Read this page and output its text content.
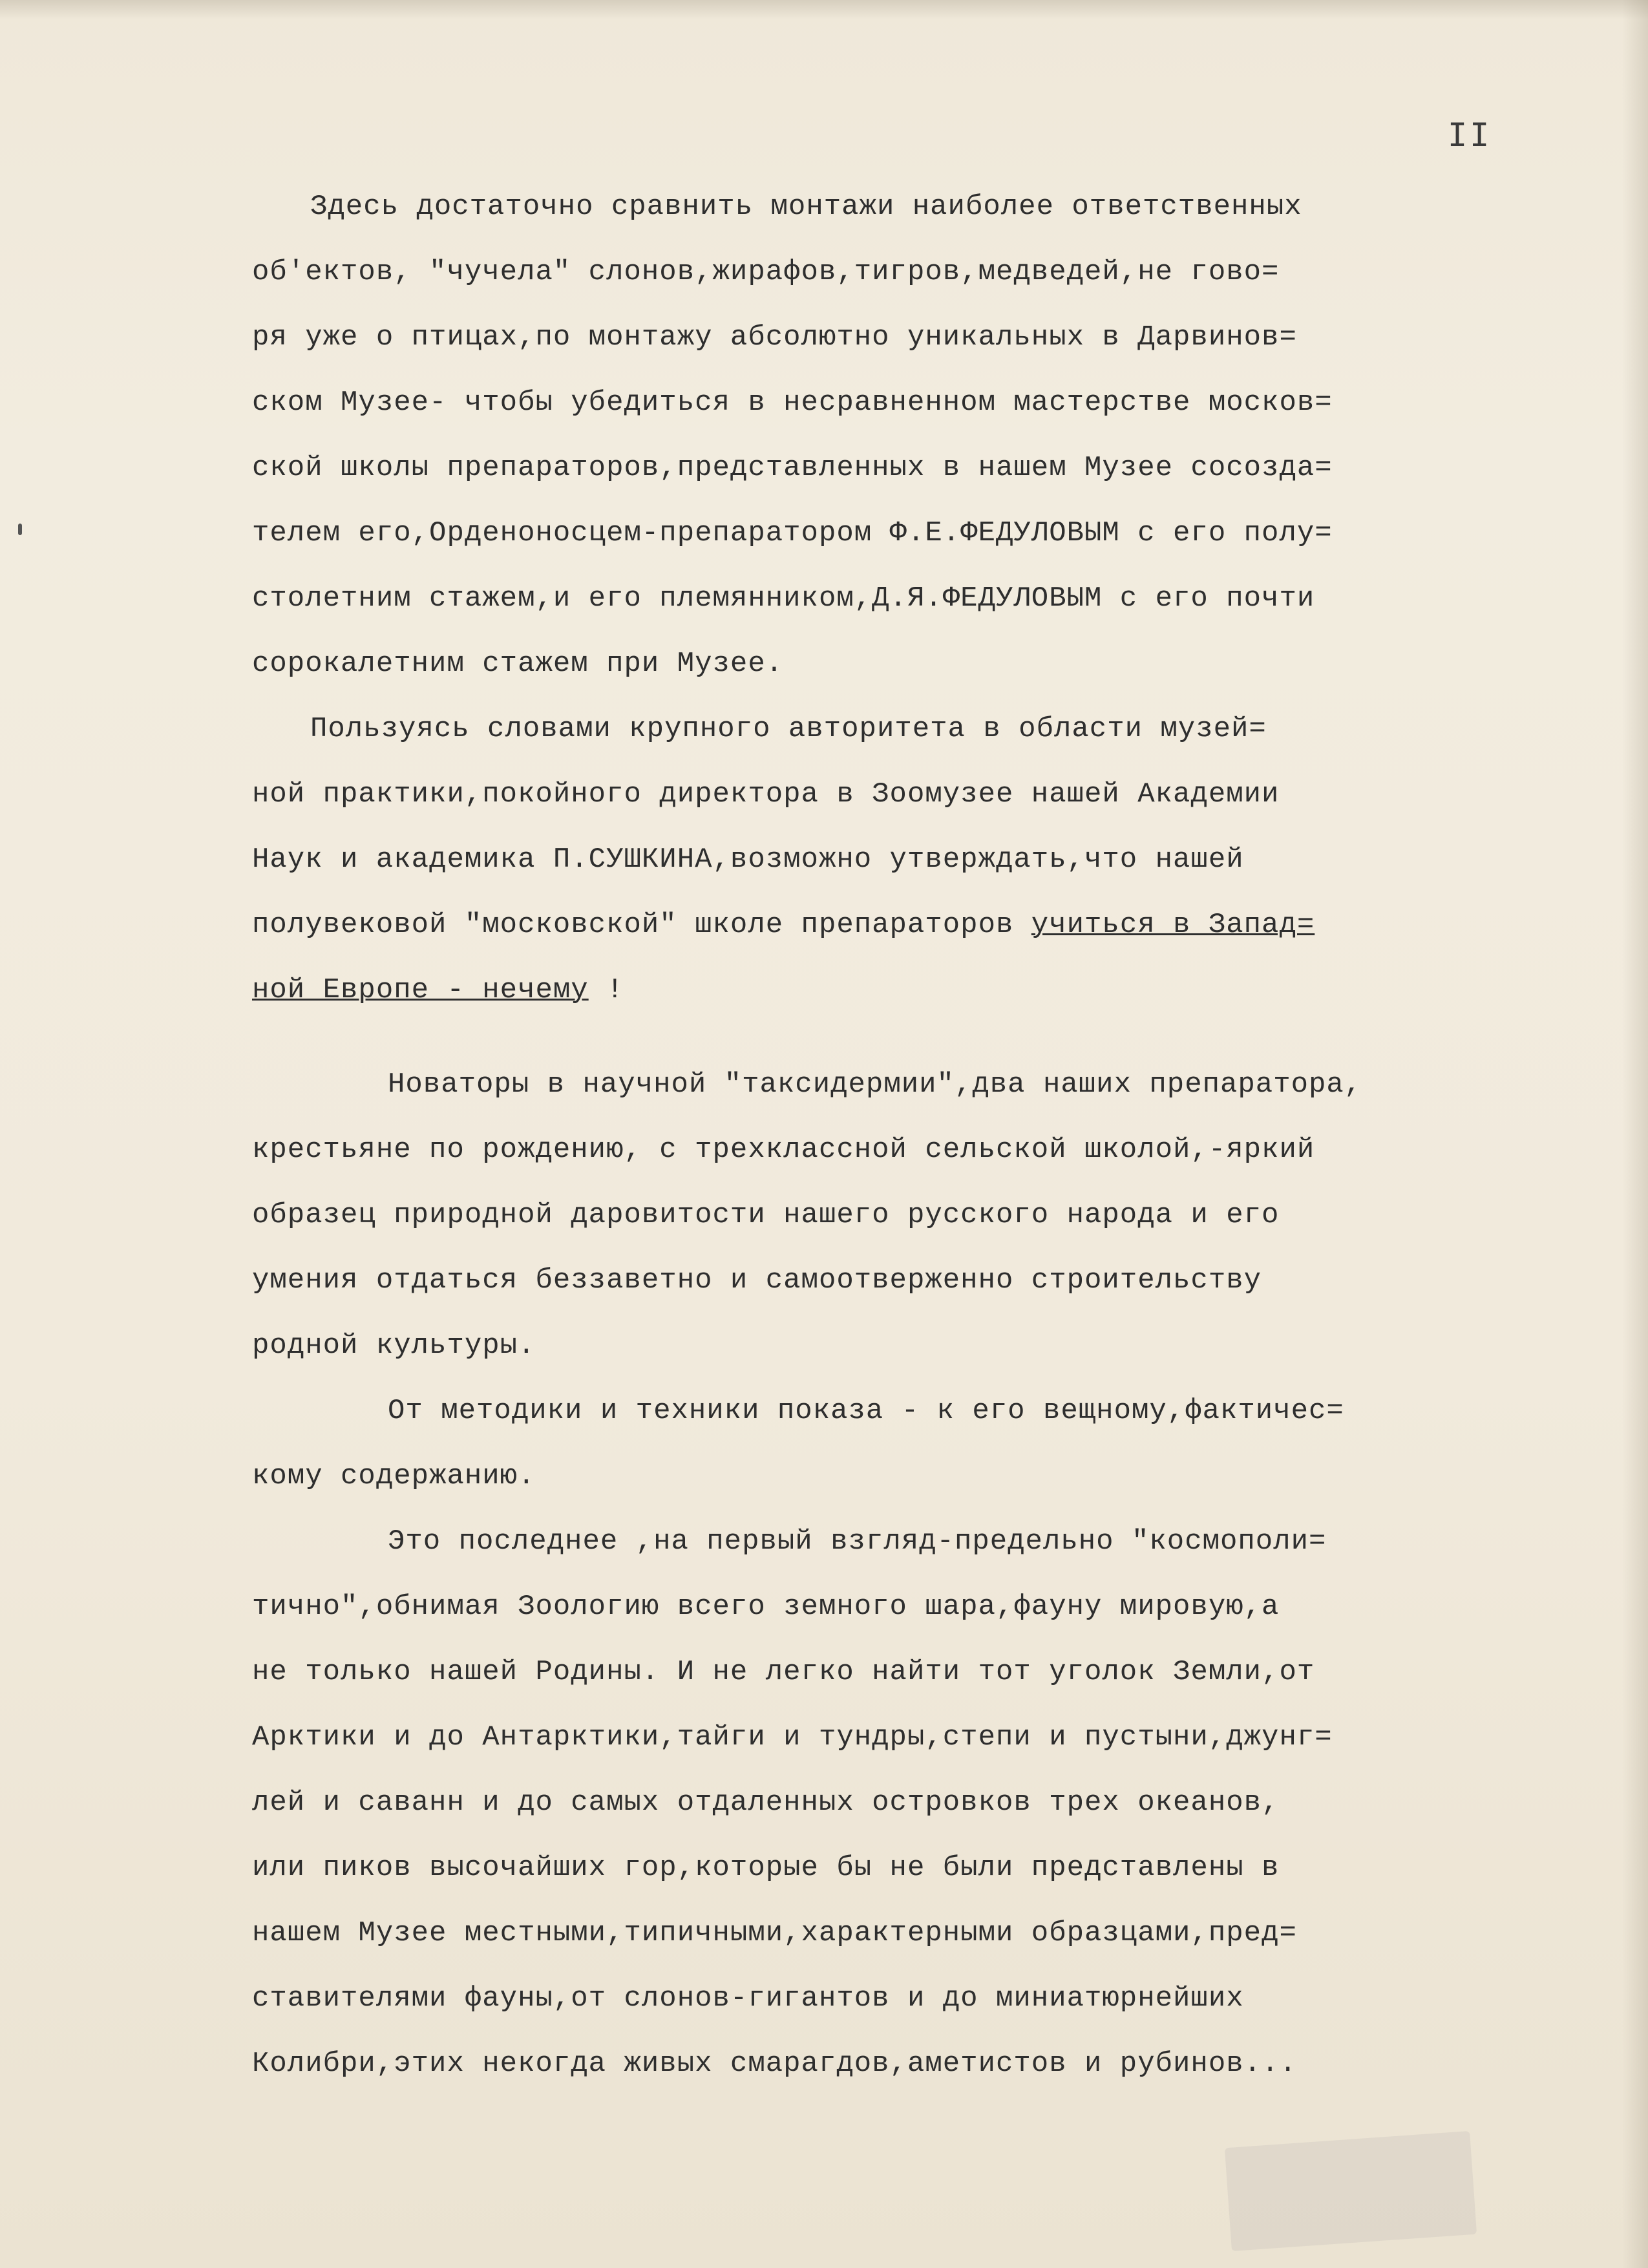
II
Здесь достаточно сравнить монтажи наиболее ответственных
об'ектов, "чучела" слонов,жирафов,тигров,медведей,не гово=
ря уже о птицах,по монтажу абсолютно уникальных в Дарвинов=
ском Музее- чтобы убедиться в несравненном мастерстве москов=
ской школы препараторов,представленных в нашем Музее сосозда=
телем его,Орденоносцем-препаратором Ф.Е.ФЕДУЛОВЫМ с его полу=
столетним стажем,и его племянником,Д.Я.ФЕДУЛОВЫМ с его почти
сорокалетним стажем при Музее.
Пользуясь словами крупного авторитета в области музей=
ной практики,покойного директора в Зоомузее нашей Академии
Наук и академика П.СУШКИНА,возможно утверждать,что нашей
полувековой "московской" школе препараторов учиться в Запад=
ной Европе - нечему !
Новаторы в научной "таксидермии",два наших препаратора,
крестьяне по рождению, с трехклассной сельской школой,-яркий
образец природной даровитости нашего русского народа и его
умения отдаться беззаветно и самоотверженно строительству
родной культуры.
От методики и техники показа - к его вещному,фактичес=
кому содержанию.
Это последнее ,на первый взгляд-предельно "космополи=
тично",обнимая Зоологию всего земного шара,фауну мировую,а
не только нашей Родины. И не легко найти тот уголок Земли,от
Арктики и до Антарктики,тайги и тундры,степи и пустыни,джунг=
лей и саванн и до самых отдаленных островков трех океанов,
или пиков высочайших гор,которые бы не были представлены в
нашем Музее местными,типичными,характерными образцами,пред=
ставителями фауны,от слонов-гигантов и до миниатюрнейших
Колибри,этих некогда живых смарагдов,аметистов и рубинов...
